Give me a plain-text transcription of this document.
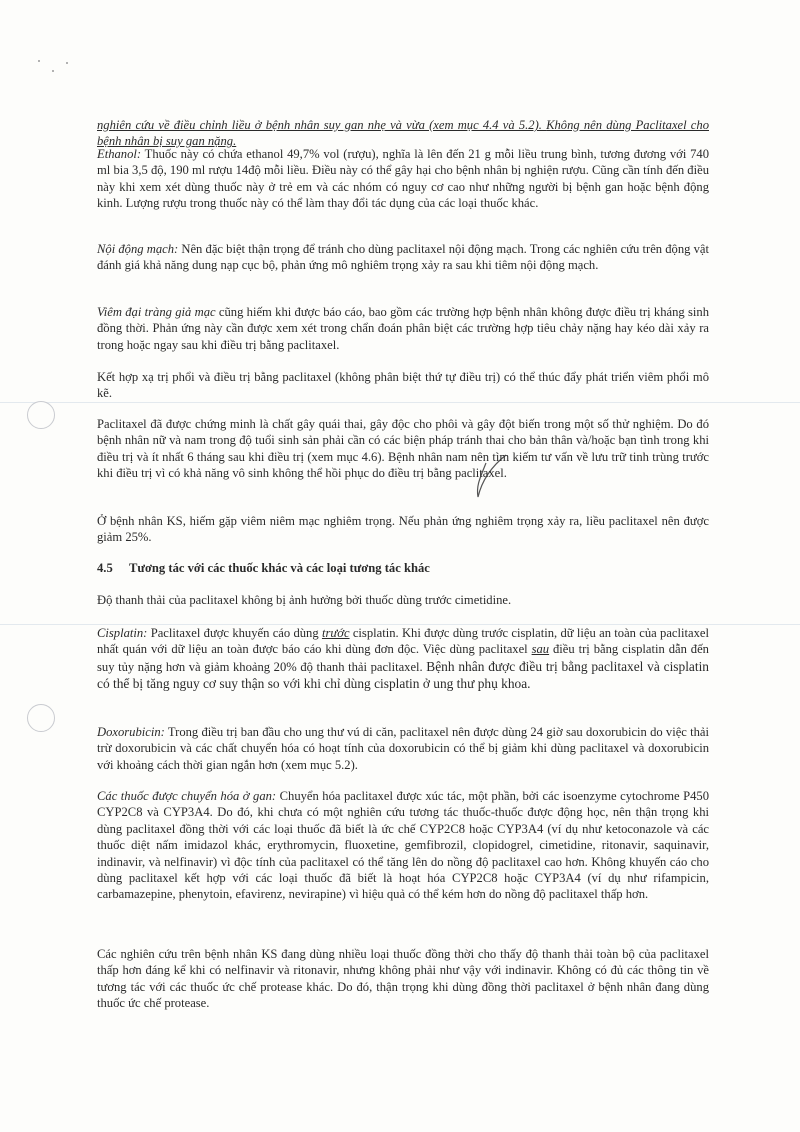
nghiên cứu về điều chỉnh liều ở bệnh nhân suy gan nhẹ và vừa (xem mục 4.4 và 5.2). Không nên dùng Paclitaxel cho bệnh nhân bị suy gan nặng.

Ethanol: Thuốc này có chứa ethanol 49,7% vol (rượu), nghĩa là lên đến 21 g mỗi liều trung bình, tương đương với 740 ml bia 3,5 độ, 190 ml rượu 14độ mỗi liều. Điều này có thể gây hại cho bệnh nhân bị nghiện rượu. Cũng cần tính đến điều này khi xem xét dùng thuốc này ở trẻ em và các nhóm có nguy cơ cao như những người bị bệnh gan hoặc bệnh động kinh. Lượng rượu trong thuốc này có thể làm thay đổi tác dụng của các loại thuốc khác.

Nội động mạch: Nên đặc biệt thận trọng để tránh cho dùng paclitaxel nội động mạch. Trong các nghiên cứu trên động vật đánh giá khả năng dung nạp cục bộ, phản ứng mô nghiêm trọng xảy ra sau khi tiêm nội động mạch.

Viêm đại tràng giả mạc cũng hiếm khi được báo cáo, bao gồm các trường hợp bệnh nhân không được điều trị kháng sinh đồng thời. Phản ứng này cần được xem xét trong chẩn đoán phân biệt các trường hợp tiêu chảy nặng hay kéo dài xảy ra trong hoặc ngay sau khi điều trị bằng paclitaxel.

Kết hợp xạ trị phổi và điều trị bằng paclitaxel (không phân biệt thứ tự điều trị) có thể thúc đẩy phát triển viêm phổi mô kẽ.

Paclitaxel đã được chứng minh là chất gây quái thai, gây độc cho phôi và gây đột biến trong một số thử nghiệm. Do đó bệnh nhân nữ và nam trong độ tuổi sinh sản phải cần có các biện pháp tránh thai cho bản thân và/hoặc bạn tình trong khi điều trị và ít nhất 6 tháng sau khi điều trị (xem mục 4.6). Bệnh nhân nam nên tìm kiếm tư vấn về lưu trữ tinh trùng trước khi điều trị vì có khả năng vô sinh không thể hồi phục do điều trị bằng paclitaxel.

Ở bệnh nhân KS, hiếm gặp viêm niêm mạc nghiêm trọng. Nếu phản ứng nghiêm trọng xảy ra, liều paclitaxel nên được giảm 25%.

4.5 Tương tác với các thuốc khác và các loại tương tác khác

Độ thanh thải của paclitaxel không bị ảnh hưởng bởi thuốc dùng trước cimetidine.

Cisplatin: Paclitaxel được khuyến cáo dùng trước cisplatin. Khi được dùng trước cisplatin, dữ liệu an toàn của paclitaxel nhất quán với dữ liệu an toàn được báo cáo khi dùng đơn độc. Việc dùng paclitaxel sau điều trị bằng cisplatin dẫn đến suy tủy nặng hơn và giảm khoảng 20% độ thanh thải paclitaxel. Bệnh nhân được điều trị bằng paclitaxel và cisplatin có thể bị tăng nguy cơ suy thận so với khi chỉ dùng cisplatin ở ung thư phụ khoa.

Doxorubicin: Trong điều trị ban đầu cho ung thư vú di căn, paclitaxel nên được dùng 24 giờ sau doxorubicin do việc thải trừ doxorubicin và các chất chuyển hóa có hoạt tính của doxorubicin có thể bị giảm khi dùng paclitaxel và doxorubicin với khoảng cách thời gian ngắn hơn (xem mục 5.2).

Các thuốc được chuyển hóa ở gan: Chuyển hóa paclitaxel được xúc tác, một phần, bởi các isoenzyme cytochrome P450 CYP2C8 và CYP3A4. Do đó, khi chưa có một nghiên cứu tương tác thuốc-thuốc được động học, nên thận trọng khi dùng paclitaxel đồng thời với các loại thuốc đã biết là ức chế CYP2C8 hoặc CYP3A4 (ví dụ như ketoconazole và các thuốc diệt nấm imidazol khác, erythromycin, fluoxetine, gemfibrozil, clopidogrel, cimetidine, ritonavir, saquinavir, indinavir, và nelfinavir) vì độc tính của paclitaxel có thể tăng lên do nồng độ paclitaxel cao hơn. Không khuyến cáo cho dùng paclitaxel kết hợp với các loại thuốc đã biết là hoạt hóa CYP2C8 hoặc CYP3A4 (ví dụ như rifampicin, carbamazepine, phenytoin, efavirenz, nevirapine) vì hiệu quả có thể kém hơn do nồng độ paclitaxel thấp hơn.

Các nghiên cứu trên bệnh nhân KS đang dùng nhiều loại thuốc đồng thời cho thấy độ thanh thải toàn bộ của paclitaxel thấp hơn đáng kể khi có nelfinavir và ritonavir, nhưng không phải như vậy với indinavir. Không có đủ các thông tin về tương tác với các thuốc ức chế protease khác. Do đó, thận trọng khi dùng đồng thời paclitaxel ở bệnh nhân đang dùng thuốc ức chế protease.
